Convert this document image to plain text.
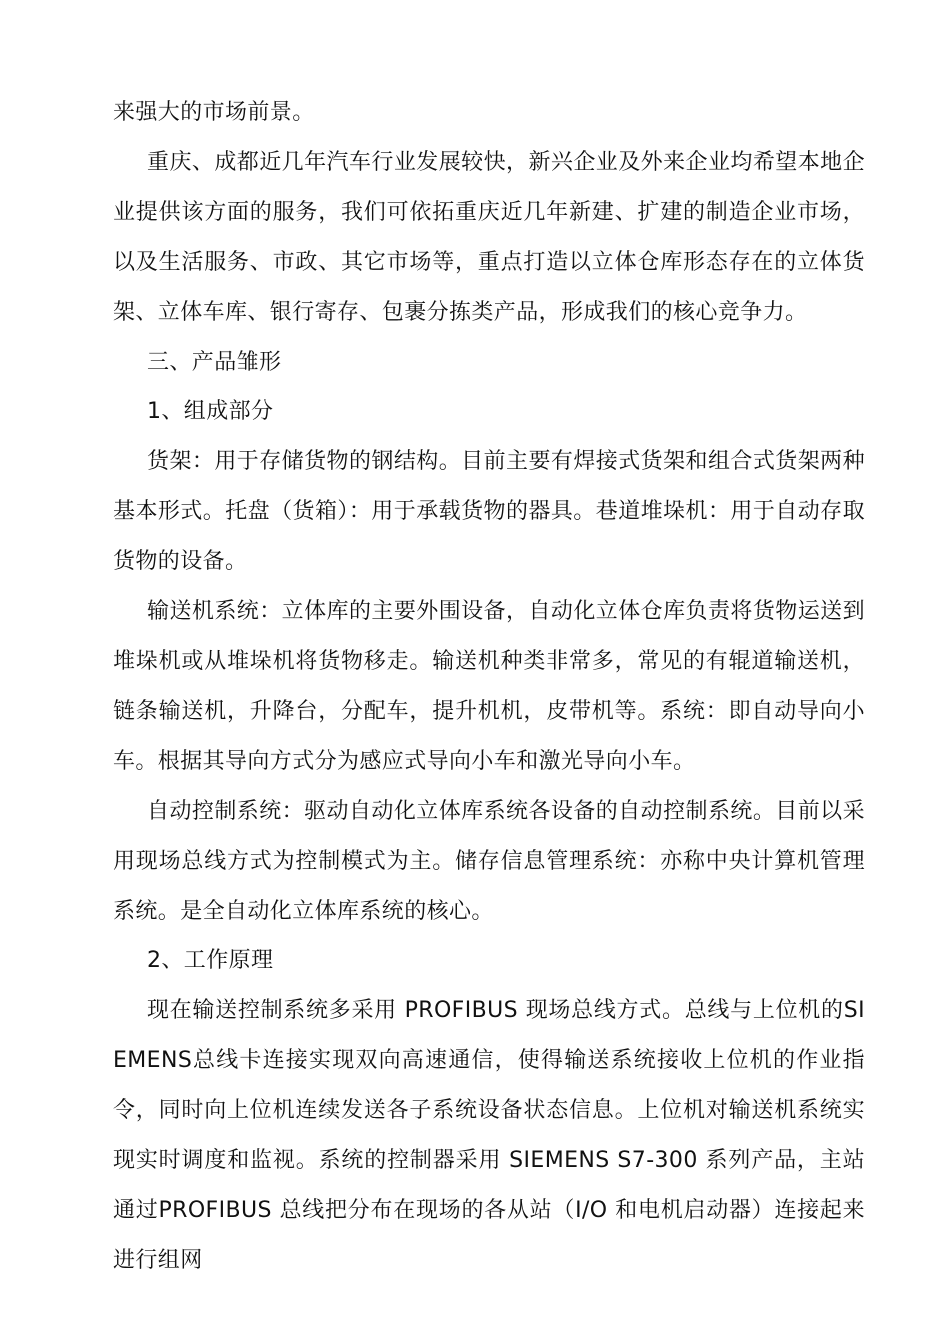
来强大的市场前景。

重庆、成都近几年汽车行业发展较快，新兴企业及外来企业均希望本地企业提供该方面的服务，我们可依拓重庆近几年新建、扩建的制造企业市场，以及生活服务、市政、其它市场等，重点打造以立体仓库形态存在的立体货架、立体车库、银行寄存、包裹分拣类产品，形成我们的核心竞争力。

三、产品雏形

1、组成部分

货架：用于存储货物的钢结构。目前主要有焊接式货架和组合式货架两种基本形式。托盘（货箱）：用于承载货物的器具。巷道堆垛机：用于自动存取货物的设备。

输送机系统：立体库的主要外围设备，自动化立体仓库负责将货物运送到堆垛机或从堆垛机将货物移走。输送机种类非常多，常见的有辊道输送机，链条输送机，升降台，分配车，提升机机，皮带机等。系统：即自动导向小车。根据其导向方式分为感应式导向小车和激光导向小车。

自动控制系统：驱动自动化立体库系统各设备的自动控制系统。目前以采用现场总线方式为控制模式为主。储存信息管理系统：亦称中央计算机管理系统。是全自动化立体库系统的核心。

2、工作原理

现在输送控制系统多采用 PROFIBUS 现场总线方式。总线与上位机的SIEMENS总线卡连接实现双向高速通信，使得输送系统接收上位机的作业指令，同时向上位机连续发送各子系统设备状态信息。上位机对输送机系统实现实时调度和监视。系统的控制器采用 SIEMENS S7-300 系列产品，主站通过PROFIBUS 总线把分布在现场的各从站（I/O 和电机启动器）连接起来进行组网
